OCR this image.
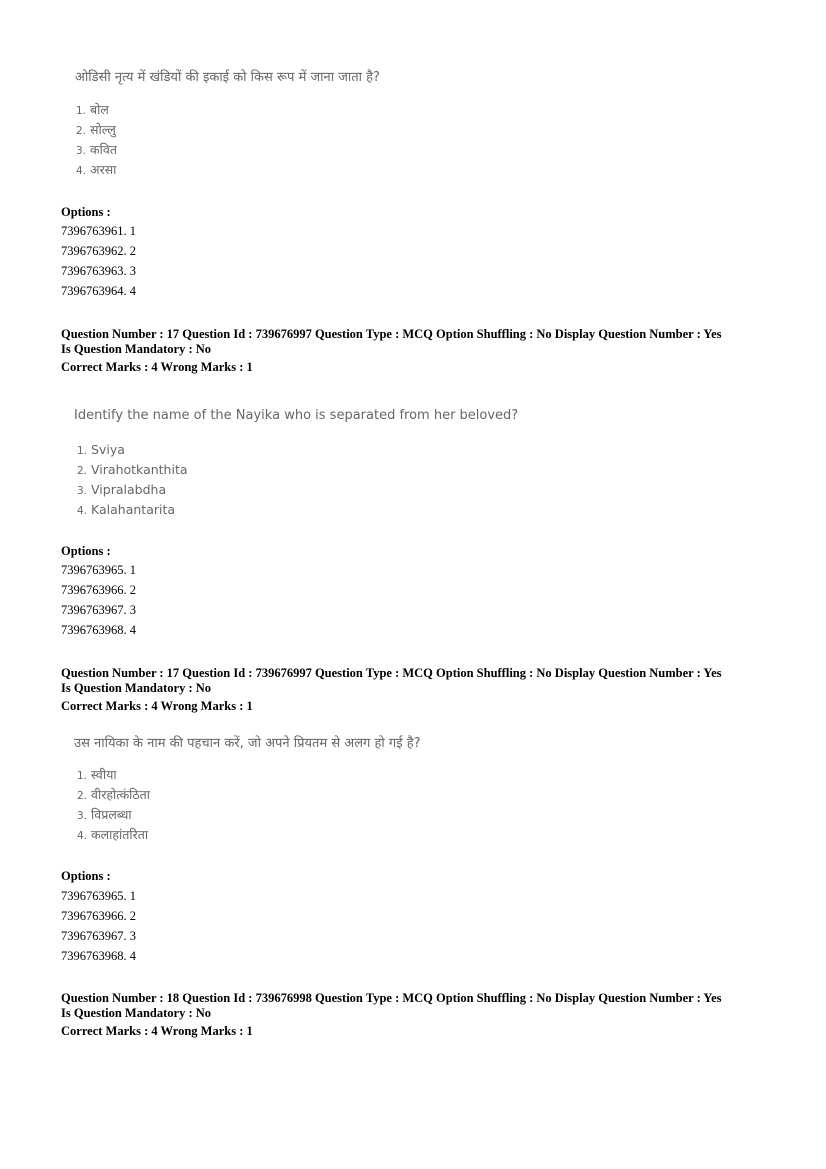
ओडिसी नृत्य में खंडियों की इकाई को किस रूप में जाना जाता है?
1. बोल
2. सोल्लु
3. कवित
4. अरसा
Options :
7396763961. 1
7396763962. 2
7396763963. 3
7396763964. 4
Question Number : 17 Question Id : 739676997 Question Type : MCQ Option Shuffling : No Display Question Number : Yes
Is Question Mandatory : No
Correct Marks : 4 Wrong Marks : 1
Identify the name of the Nayika who is separated from her beloved?
1. Sviya
2. Virahotkanthita
3. Vipralabdha
4. Kalahantarita
Options :
7396763965. 1
7396763966. 2
7396763967. 3
7396763968. 4
Question Number : 17 Question Id : 739676997 Question Type : MCQ Option Shuffling : No Display Question Number : Yes
Is Question Mandatory : No
Correct Marks : 4 Wrong Marks : 1
उस नायिका के नाम की पहचान करें, जो अपने प्रियतम से अलग हो गई है?
1. स्वीया
2. वीरहोत्कंठिता
3. विप्रलब्धा
4. कलाहांतरिता
Options :
7396763965. 1
7396763966. 2
7396763967. 3
7396763968. 4
Question Number : 18 Question Id : 739676998 Question Type : MCQ Option Shuffling : No Display Question Number : Yes
Is Question Mandatory : No
Correct Marks : 4 Wrong Marks : 1
